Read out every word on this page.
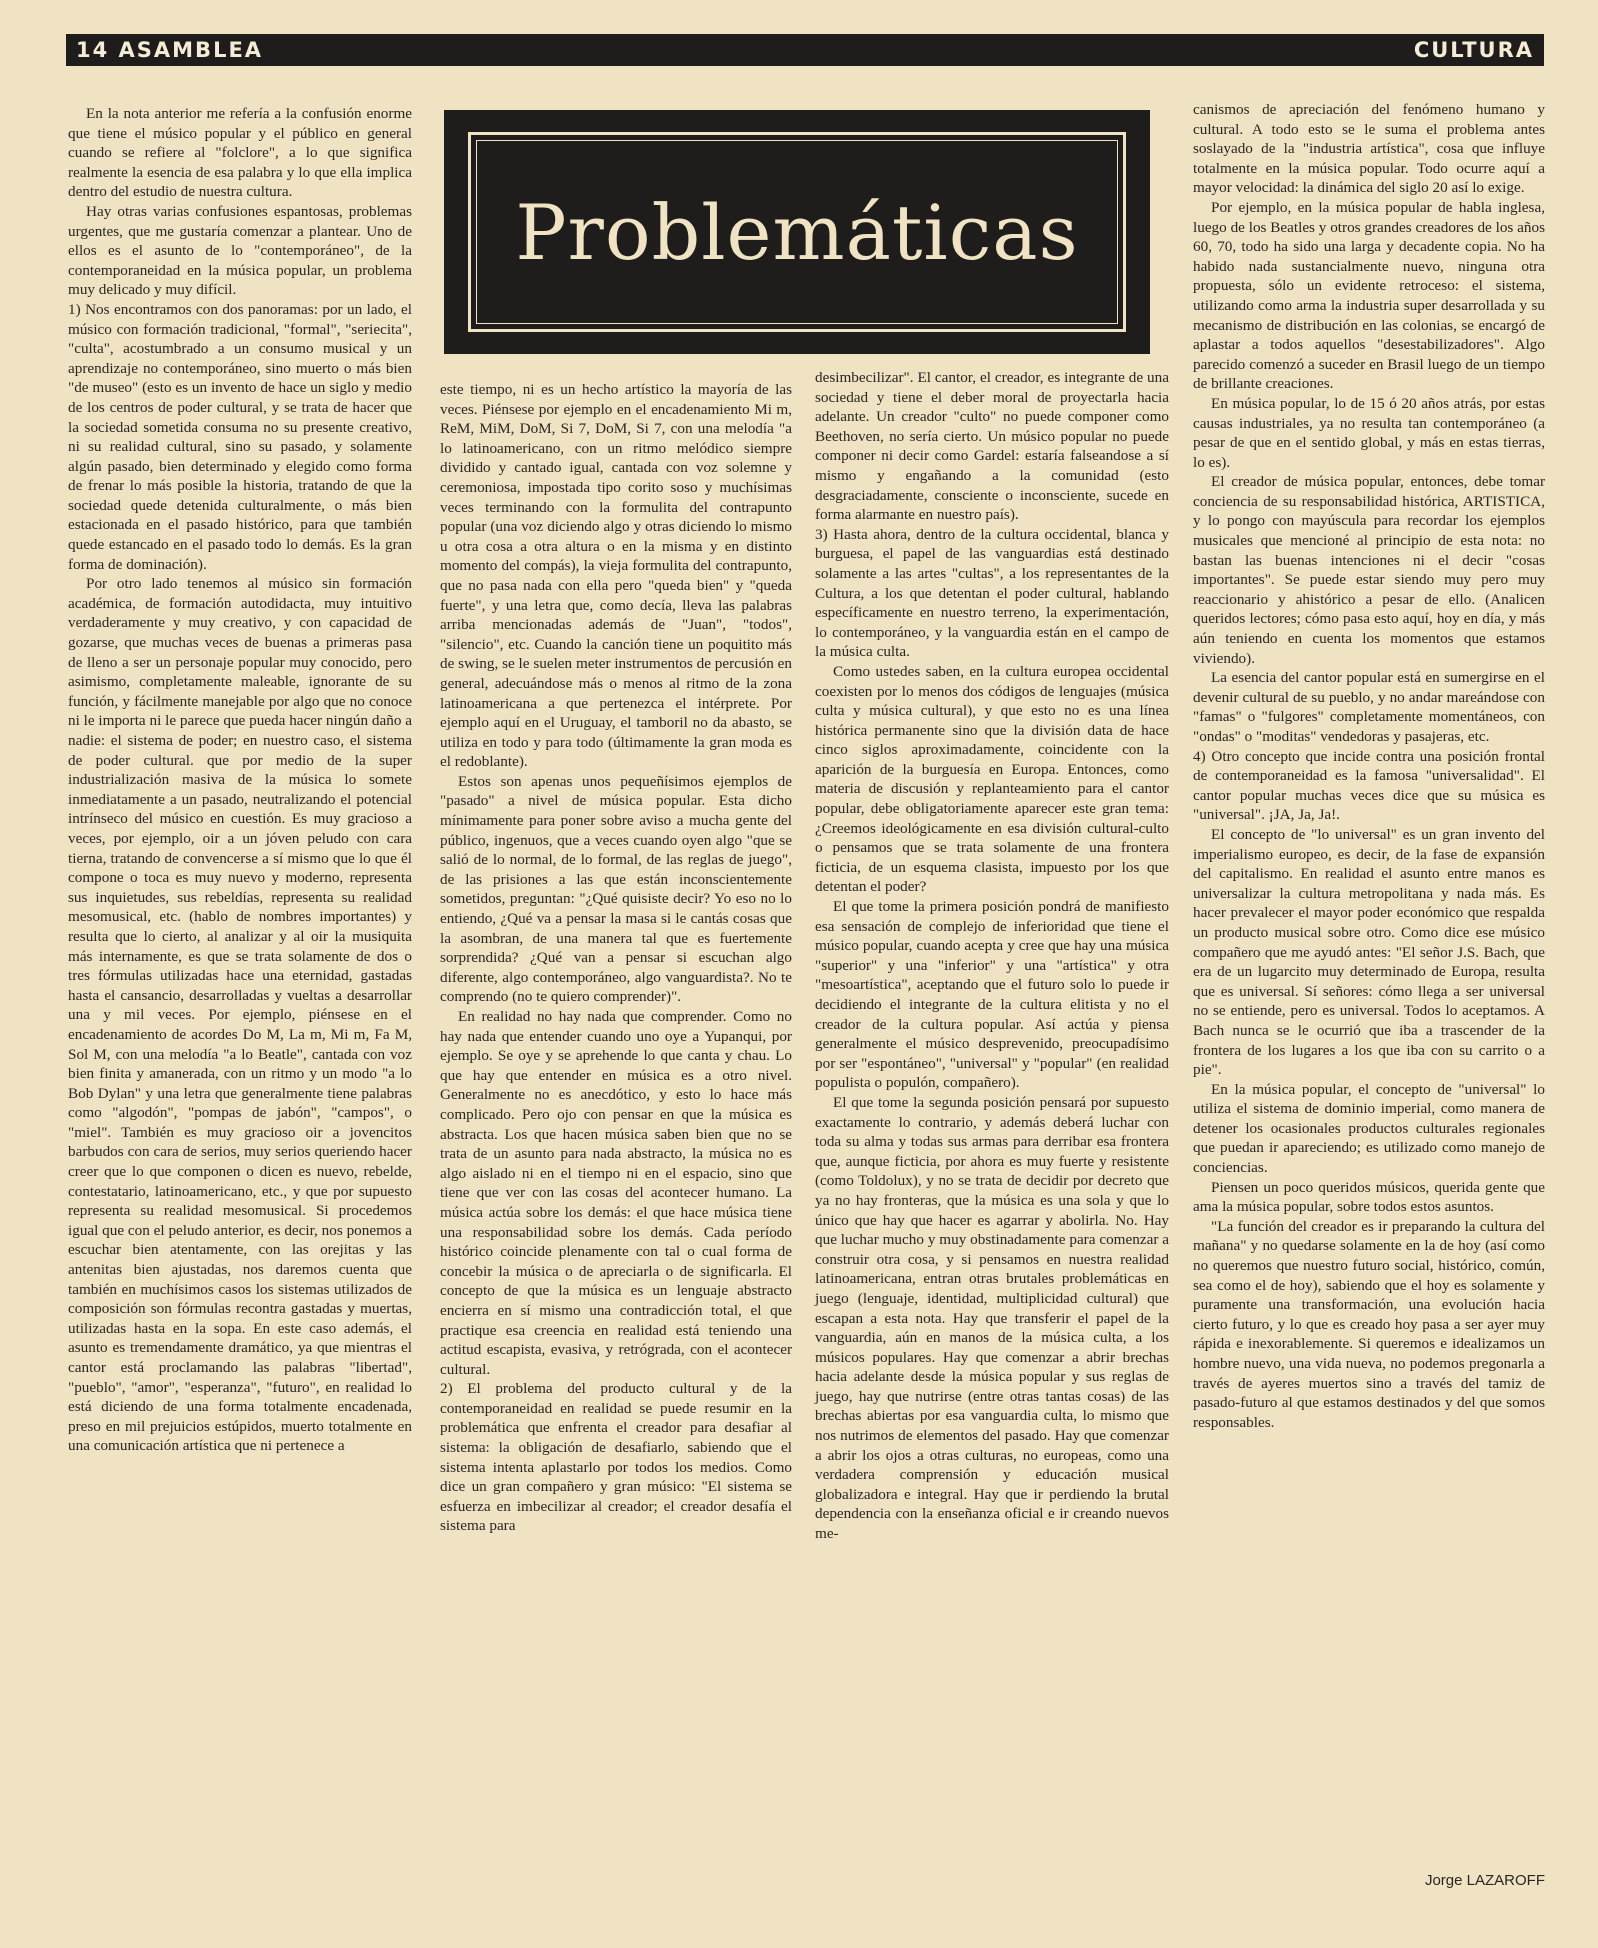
14 ASAMBLEA	CULTURA
Problemáticas

En la nota anterior me refería a la confusión enorme que tiene el músico popular y el público en general cuando se refiere al "folclore", a lo que significa realmente la esencia de esa palabra y lo que ella implica dentro del estudio de nuestra cultura.

Hay otras varias confusiones espantosas, problemas urgentes, que me gustaría comenzar a plantear. Uno de ellos es el asunto de lo "contemporáneo", de la contemporaneidad en la música popular, un problema muy delicado y muy difícil.

1) Nos encontramos con dos panoramas: por un lado, el músico con formación tradicional, "formal", "seriecita", "culta", acostumbrado a un consumo musical y un aprendizaje no contemporáneo, sino muerto o más bien "de museo" (esto es un invento de hace un siglo y medio de los centros de poder cultural, y se trata de hacer que la sociedad sometida consuma no su presente creativo, ni su realidad cultural, sino su pasado, y solamente algún pasado, bien determinado y elegido como forma de frenar lo más posible la historia, tratando de que la sociedad quede detenida culturalmente, o más bien estacionada en el pasado histórico, para que también quede estancado en el pasado todo lo demás. Es la gran forma de dominación).

Por otro lado tenemos al músico sin formación académica, de formación autodidacta, muy intuitivo verdaderamente y muy creativo, y con capacidad de gozarse, que muchas veces de buenas a primeras pasa de lleno a ser un personaje popular muy conocido, pero asimismo, completamente maleable, ignorante de su función, y fácilmente manejable por algo que no conoce ni le importa ni le parece que pueda hacer ningún daño a nadie: el sistema de poder; en nuestro caso, el sistema de poder cultural. que por medio de la super industrialización masiva de la música lo somete inmediatamente a un pasado, neutralizando el potencial intrínseco del músico en cuestión. Es muy gracioso a veces, por ejemplo, oir a un jóven peludo con cara tierna, tratando de convencerse a sí mismo que lo que él compone o toca es muy nuevo y moderno, representa sus inquietudes, sus rebeldías, representa su realidad mesomusical, etc. (hablo de nombres importantes) y resulta que lo cierto, al analizar y al oir la musiquita más internamente, es que se trata solamente de dos o tres fórmulas utilizadas hace una eternidad, gastadas hasta el cansancio, desarrolladas y vueltas a desarrollar una y mil veces. Por ejemplo, piénsese en el encadenamiento de acordes Do M, La m, Mi m, Fa M, Sol M, con una melodía "a lo Beatle", cantada con voz bien finita y amanerada, con un ritmo y un modo "a lo Bob Dylan" y una letra que generalmente tiene palabras como "algodón", "pompas de jabón", "campos", o "miel". También es muy gracioso oir a jovencitos barbudos con cara de serios, muy serios queriendo hacer creer que lo que componen o dicen es nuevo, rebelde, contestatario, latinoamericano, etc., y que por supuesto representa su realidad mesomusical. Si procedemos igual que con el peludo anterior, es decir, nos ponemos a escuchar bien atentamente, con las orejitas y las antenitas bien ajustadas, nos daremos cuenta que también en muchísimos casos los sistemas utilizados de composición son fórmulas recontra gastadas y muertas, utilizadas hasta en la sopa. En este caso además, el asunto es tremendamente dramático, ya que mientras el cantor está proclamando las palabras "libertad", "pueblo", "amor", "esperanza", "futuro", en realidad lo está diciendo de una forma totalmente encadenada, preso en mil prejuicios estúpidos, muerto totalmente en una comunicación artística que ni pertenece a

este tiempo, ni es un hecho artístico la mayoría de las veces. Piénsese por ejemplo en el encadenamiento Mi m, ReM, MiM, DoM, Si 7, DoM, Si 7, con una melodía "a lo latinoamericano, con un ritmo melódico siempre dividido y cantado igual, cantada con voz solemne y ceremoniosa, impostada tipo corito soso y muchísimas veces terminando con la formulita del contrapunto popular (una voz diciendo algo y otras diciendo lo mismo u otra cosa a otra altura o en la misma y en distinto momento del compás), la vieja formulita del contrapunto, que no pasa nada con ella pero "queda bien" y "queda fuerte", y una letra que, como decía, lleva las palabras arriba mencionadas además de "Juan", "todos", "silencio", etc. Cuando la canción tiene un poquitito más de swing, se le suelen meter instrumentos de percusión en general, adecuándose más o menos al ritmo de la zona latinoamericana a que pertenezca el intérprete. Por ejemplo aquí en el Uruguay, el tamboril no da abasto, se utiliza en todo y para todo (últimamente la gran moda es el redoblante).

Estos son apenas unos pequeñísimos ejemplos de "pasado" a nivel de música popular. Esta dicho mínimamente para poner sobre aviso a mucha gente del público, ingenuos, que a veces cuando oyen algo "que se salió de lo normal, de lo formal, de las reglas de juego", de las prisiones a las que están inconscientemente sometidos, preguntan: "¿Qué quisiste decir? Yo eso no lo entiendo, ¿Qué va a pensar la masa si le cantás cosas que la asombran, de una manera tal que es fuertemente sorprendida? ¿Qué van a pensar si escuchan algo diferente, algo contemporáneo, algo vanguardista?. No te comprendo (no te quiero comprender)".

En realidad no hay nada que comprender. Como no hay nada que entender cuando uno oye a Yupanqui, por ejemplo. Se oye y se aprehende lo que canta y chau. Lo que hay que entender en música es a otro nivel. Generalmente no es anecdótico, y esto lo hace más complicado. Pero ojo con pensar en que la música es abstracta. Los que hacen música saben bien que no se trata de un asunto para nada abstracto, la música no es algo aislado ni en el tiempo ni en el espacio, sino que tiene que ver con las cosas del acontecer humano. La música actúa sobre los demás: el que hace música tiene una responsabilidad sobre los demás. Cada período histórico coincide plenamente con tal o cual forma de concebir la música o de apreciarla o de significarla. El concepto de que la música es un lenguaje abstracto encierra en sí mismo una contradicción total, el que practique esa creencia en realidad está teniendo una actitud escapista, evasiva, y retrógrada, con el acontecer cultural.

2) El problema del producto cultural y de la contemporaneidad en realidad se puede resumir en la problemática que enfrenta el creador para desafiar al sistema: la obligación de desafiarlo, sabiendo que el sistema intenta aplastarlo por todos los medios. Como dice un gran compañero y gran músico: "El sistema se esfuerza en imbecilizar al creador; el creador desafía el sistema para

desimbecilizar". El cantor, el creador, es integrante de una sociedad y tiene el deber moral de proyectarla hacia adelante. Un creador "culto" no puede componer como Beethoven, no sería cierto. Un músico popular no puede componer ni decir como Gardel: estaría falseandose a sí mismo y engañando a la comunidad (esto desgraciadamente, consciente o inconsciente, sucede en forma alarmante en nuestro país).

3) Hasta ahora, dentro de la cultura occidental, blanca y burguesa, el papel de las vanguardias está destinado solamente a las artes "cultas", a los representantes de la Cultura, a los que detentan el poder cultural, hablando específicamente en nuestro terreno, la experimentación, lo contemporáneo, y la vanguardia están en el campo de la música culta.

Como ustedes saben, en la cultura europea occidental coexisten por lo menos dos códigos de lenguajes (música culta y música cultural), y que esto no es una línea histórica permanente sino que la división data de hace cinco siglos aproximadamente, coincidente con la aparición de la burguesía en Europa. Entonces, como materia de discusión y replanteamiento para el cantor popular, debe obligatoriamente aparecer este gran tema: ¿Creemos ideológicamente en esa división cultural-culto o pensamos que se trata solamente de una frontera ficticia, de un esquema clasista, impuesto por los que detentan el poder?

El que tome la primera posición pondrá de manifiesto esa sensación de complejo de inferioridad que tiene el músico popular, cuando acepta y cree que hay una música "superior" y una "inferior" y una "artística" y otra "mesoartística", aceptando que el futuro solo lo puede ir decidiendo el integrante de la cultura elitista y no el creador de la cultura popular. Así actúa y piensa generalmente el músico desprevenido, preocupadísimo por ser "espontáneo", "universal" y "popular" (en realidad populista o populón, compañero).

El que tome la segunda posición pensará por supuesto exactamente lo contrario, y además deberá luchar con toda su alma y todas sus armas para derribar esa frontera que, aunque ficticia, por ahora es muy fuerte y resistente (como Toldolux), y no se trata de decidir por decreto que ya no hay fronteras, que la música es una sola y que lo único que hay que hacer es agarrar y abolirla. No. Hay que luchar mucho y muy obstinadamente para comenzar a construir otra cosa, y si pensamos en nuestra realidad latinoamericana, entran otras brutales problemáticas en juego (lenguaje, identidad, multiplicidad cultural) que escapan a esta nota. Hay que transferir el papel de la vanguardia, aún en manos de la música culta, a los músicos populares. Hay que comenzar a abrir brechas hacia adelante desde la música popular y sus reglas de juego, hay que nutrirse (entre otras tantas cosas) de las brechas abiertas por esa vanguardia culta, lo mismo que nos nutrimos de elementos del pasado. Hay que comenzar a abrir los ojos a otras culturas, no europeas, como una verdadera comprensión y educación musical globalizadora e integral. Hay que ir perdiendo la brutal dependencia con la enseñanza oficial e ir creando nuevos me-

canismos de apreciación del fenómeno humano y cultural. A todo esto se le suma el problema antes soslayado de la "industria artística", cosa que influye totalmente en la música popular. Todo ocurre aquí a mayor velocidad: la dinámica del siglo 20 así lo exige.

Por ejemplo, en la música popular de habla inglesa, luego de los Beatles y otros grandes creadores de los años 60, 70, todo ha sido una larga y decadente copia. No ha habido nada sustancialmente nuevo, ninguna otra propuesta, sólo un evidente retroceso: el sistema, utilizando como arma la industria super desarrollada y su mecanismo de distribución en las colonias, se encargó de aplastar a todos aquellos "desestabilizadores". Algo parecido comenzó a suceder en Brasil luego de un tiempo de brillante creaciones.

En música popular, lo de 15 ó 20 años atrás, por estas causas industriales, ya no resulta tan contemporáneo (a pesar de que en el sentido global, y más en estas tierras, lo es).

El creador de música popular, entonces, debe tomar conciencia de su responsabilidad histórica, ARTISTICA, y lo pongo con mayúscula para recordar los ejemplos musicales que mencioné al principio de esta nota: no bastan las buenas intenciones ni el decir "cosas importantes". Se puede estar siendo muy pero muy reaccionario y ahistórico a pesar de ello. (Analicen queridos lectores; cómo pasa esto aquí, hoy en día, y más aún teniendo en cuenta los momentos que estamos viviendo).

La esencia del cantor popular está en sumergirse en el devenir cultural de su pueblo, y no andar mareándose con "famas" o "fulgores" completamente momentáneos, con "ondas" o "moditas" vendedoras y pasajeras, etc.

4) Otro concepto que incide contra una posición frontal de contemporaneidad es la famosa "universalidad". El cantor popular muchas veces dice que su música es "universal". ¡JA, Ja, Ja!.

El concepto de "lo universal" es un gran invento del imperialismo europeo, es decir, de la fase de expansión del capitalismo. En realidad el asunto entre manos es universalizar la cultura metropolitana y nada más. Es hacer prevalecer el mayor poder económico que respalda un producto musical sobre otro. Como dice ese músico compañero que me ayudó antes: "El señor J.S. Bach, que era de un lugarcito muy determinado de Europa, resulta que es universal. Sí señores: cómo llega a ser universal no se entiende, pero es universal. Todos lo aceptamos. A Bach nunca se le ocurrió que iba a trascender de la frontera de los lugares a los que iba con su carrito o a pie".

En la música popular, el concepto de "universal" lo utiliza el sistema de dominio imperial, como manera de detener los ocasionales productos culturales regionales que puedan ir apareciendo; es utilizado como manejo de conciencias.

Piensen un poco queridos músicos, querida gente que ama la música popular, sobre todos estos asuntos.

"La función del creador es ir preparando la cultura del mañana" y no quedarse solamente en la de hoy (así como no queremos que nuestro futuro social, histórico, común, sea como el de hoy), sabiendo que el hoy es solamente y puramente una transformación, una evolución hacia cierto futuro, y lo que es creado hoy pasa a ser ayer muy rápida e inexorablemente. Si queremos e idealizamos un hombre nuevo, una vida nueva, no podemos pregonarla a través de ayeres muertos sino a través del tamiz de pasado-futuro al que estamos destinados y del que somos responsables.

Jorge LAZAROFF
